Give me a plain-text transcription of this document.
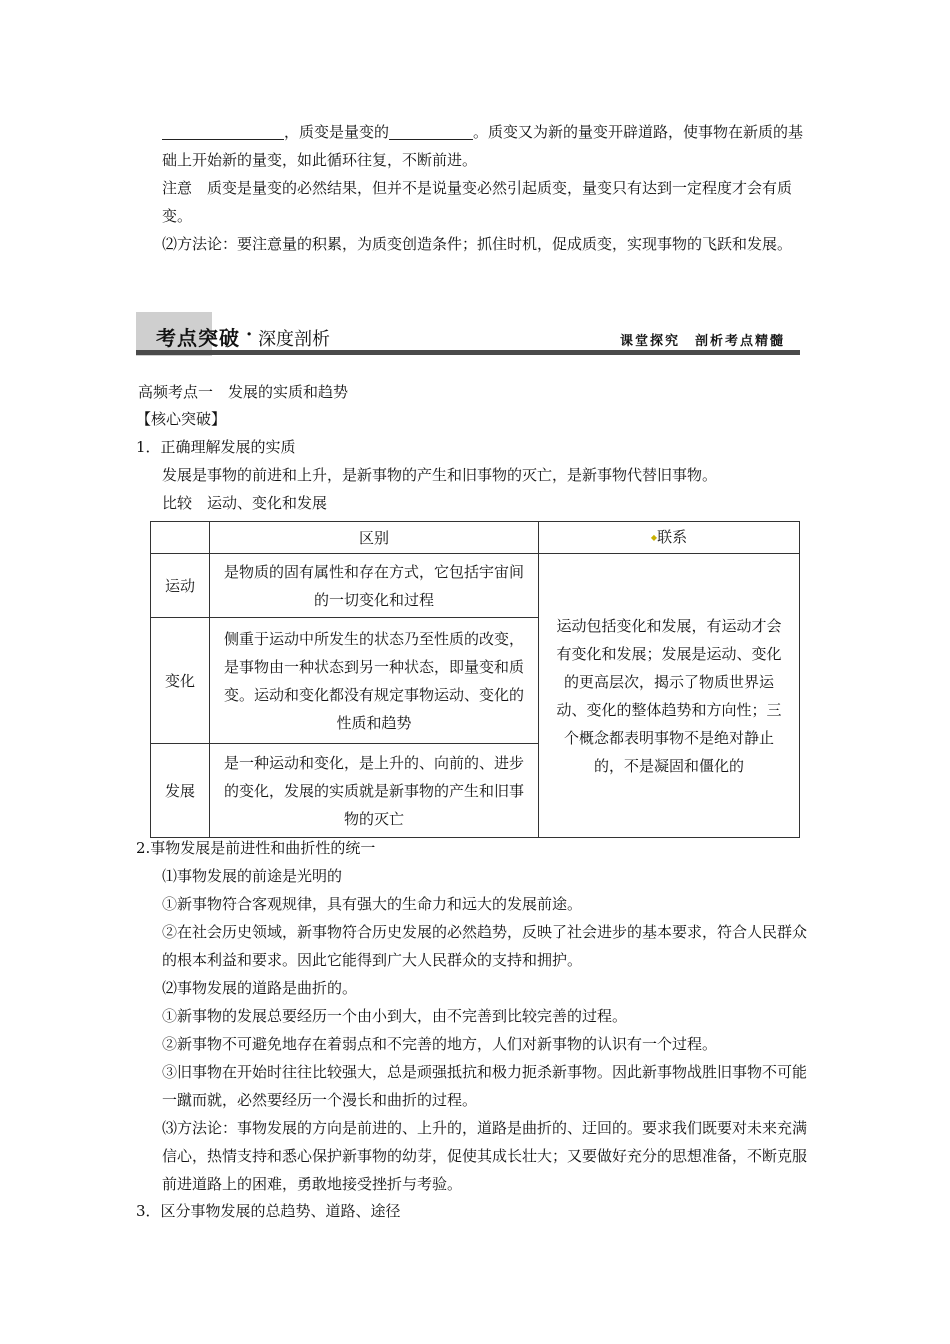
，质变是量变的	。质变又为新的量变开辟道路，使事物在新质的基础上开始新的量变，如此循环往复，不断前进。
注意　质变是量变的必然结果，但并不是说量变必然引起质变，量变只有达到一定程度才会有质变。
⑵方法论：要注意量的积累，为质变创造条件；抓住时机，促成质变，实现事物的飞跃和发展。
考点突破 · 深度剖析	课堂探究　剖析考点精髓
高频考点一　发展的实质和趋势
【核心突破】
1．正确理解发展的实质
发展是事物的前进和上升，是新事物的产生和旧事物的灭亡，是新事物代替旧事物。
比较　运动、变化和发展
	区别	◆联系
运动	是物质的固有属性和存在方式，它包括宇宙间的一切变化和过程	运动包括变化和发展，有运动才会有变化和发展；发展是运动、变化的更高层次，揭示了物质世界运动、变化的整体趋势和方向性；三个概念都表明事物不是绝对静止的，不是凝固和僵化的
变化	侧重于运动中所发生的状态乃至性质的改变，是事物由一种状态到另一种状态，即量变和质变。运动和变化都没有规定事物运动、变化的性质和趋势	
发展	是一种运动和变化，是上升的、向前的、进步的变化，发展的实质就是新事物的产生和旧事物的灭亡	
2.事物发展是前进性和曲折性的统一
⑴事物发展的前途是光明的
①新事物符合客观规律，具有强大的生命力和远大的发展前途。
②在社会历史领域，新事物符合历史发展的必然趋势，反映了社会进步的基本要求，符合人民群众的根本利益和要求。因此它能得到广大人民群众的支持和拥护。
⑵事物发展的道路是曲折的。
①新事物的发展总要经历一个由小到大，由不完善到比较完善的过程。
②新事物不可避免地存在着弱点和不完善的地方，人们对新事物的认识有一个过程。
③旧事物在开始时往往比较强大，总是顽强抵抗和极力扼杀新事物。因此新事物战胜旧事物不可能一蹴而就，必然要经历一个漫长和曲折的过程。
⑶方法论：事物发展的方向是前进的、上升的，道路是曲折的、迂回的。要求我们既要对未来充满信心，热情支持和悉心保护新事物的幼芽，促使其成长壮大；又要做好充分的思想准备，不断克服前进道路上的困难，勇敢地接受挫折与考验。
3．区分事物发展的总趋势、道路、途径
